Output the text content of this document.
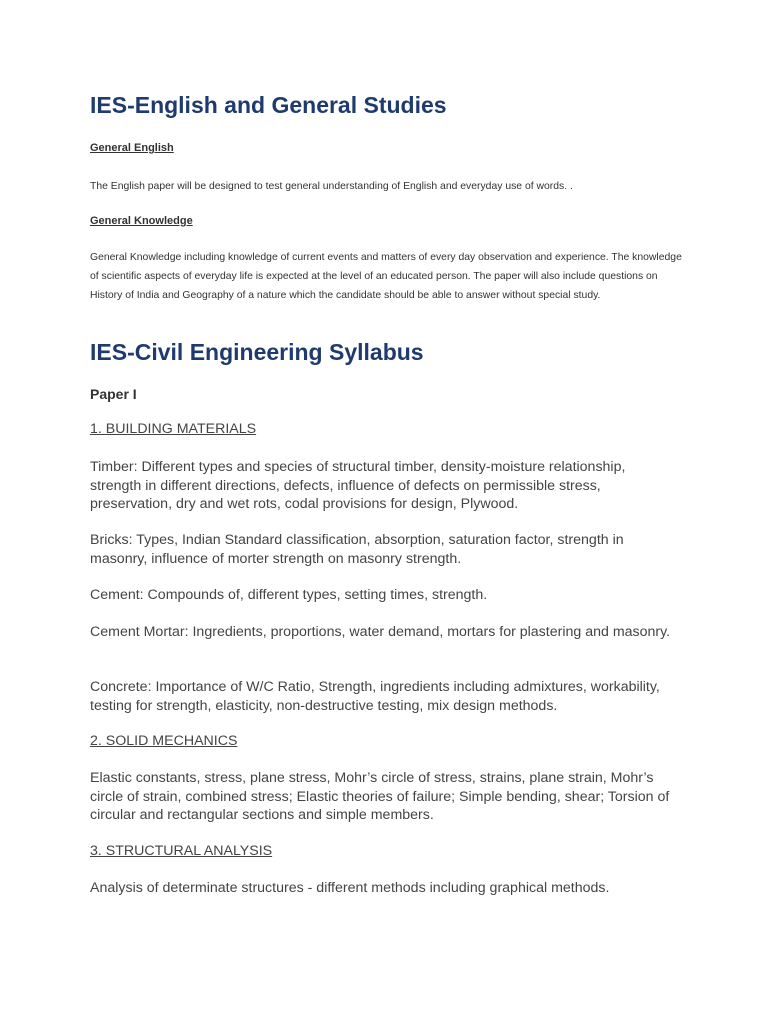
IES-English and General Studies
General English

The English paper will be designed to test general understanding of English and everyday use of words. .

General Knowledge

General Knowledge including knowledge of current events and matters of every day observation and experience. The knowledge of scientific aspects of everyday life is expected at the level of an educated person. The paper will also include questions on History of India and Geography of a nature which the candidate should be able to answer without special study.

IES-Civil Engineering Syllabus
Paper I
1. BUILDING MATERIALS

Timber: Different types and species of structural timber, density-moisture relationship, strength in different directions, defects, influence of defects on permissible stress, preservation, dry and wet rots, codal provisions for design, Plywood.

Bricks: Types, Indian Standard classification, absorption, saturation factor, strength in masonry, influence of morter strength on masonry strength.

Cement: Compounds of, different types, setting times, strength.

Cement Mortar: Ingredients, proportions, water demand, mortars for plastering and masonry.

Concrete: Importance of W/C Ratio, Strength, ingredients including admixtures, workability, testing for strength, elasticity, non-destructive testing, mix design methods.

2. SOLID MECHANICS

Elastic constants, stress, plane stress, Mohr’s circle of stress, strains, plane strain, Mohr’s circle of strain, combined stress; Elastic theories of failure; Simple bending, shear; Torsion of circular and rectangular sections and simple members.

3. STRUCTURAL ANALYSIS

Analysis of determinate structures - different methods including graphical methods.
